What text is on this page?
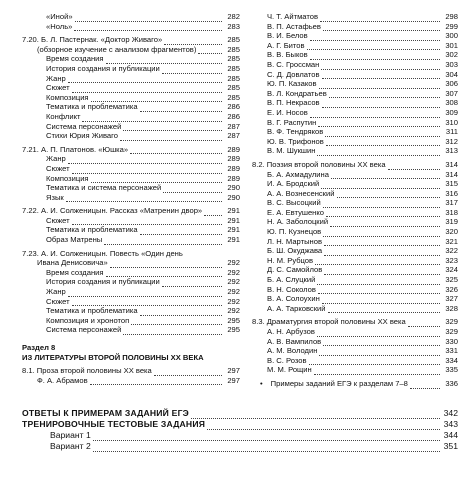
«Иной»	282
«Ноль»	283
7.20. Б. Л. Пастернак. «Доктор Живаго»	285
(обзорное изучение с анализом фрагментов)	285
Время создания	285
История создания и публикации	285
Жанр	285
Сюжет	285
Композиция	285
Тематика и проблематика	286
Конфликт	286
Система персонажей	287
Стихи Юрия Живаго	287
7.21. А. П. Платонов. «Юшка»	289
Жанр	289
Сюжет	289
Композиция	289
Тематика и система персонажей	290
Язык	290
7.22. А. И. Солженицын. Рассказ «Матренин двор»	291
Сюжет	291
Тематика и проблематика	291
Образ Матрены	291
7.23. А. И. Солженицын. Повесть «Один день
Ивана Денисовича»	292
Время создания	292
История создания и публикации	292
Жанр	292
Сюжет	292
Тематика и проблематика	292
Композиция и хронотоп	295
Система персонажей	295
Раздел 8
ИЗ ЛИТЕРАТУРЫ ВТОРОЙ ПОЛОВИНЫ XX ВЕКА
8.1. Проза второй половины XX века	297
Ф. А. Абрамов	297
Ч. Т. Айтматов	298
В. П. Астафьев	299
В. И. Белов	300
А. Г. Битов	301
В. В. Быков	302
В. С. Гроссман	303
С. Д. Довлатов	304
Ю. П. Казаков	306
В. Л. Кондратьев	307
В. П. Некрасов	308
Е. И. Носов	309
В. Г. Распутин	310
В. Ф. Тендряков	311
Ю. В. Трифонов	312
В. М. Шукшин	313
8.2. Поэзия второй половины XX века	314
Б. А. Ахмадулина	314
И. А. Бродский	315
А. А. Вознесенский	316
В. С. Высоцкий	317
Е. А. Евтушенко	318
Н. А. Заболоцкий	319
Ю. П. Кузнецов	320
Л. Н. Мартынов	321
Б. Ш. Окуджава	322
Н. М. Рубцов	323
Д. С. Самойлов	324
Б. А. Слуцкий	325
В. Н. Соколов	326
В. А. Солоухин	327
А. А. Тарковский	328
8.3. Драматургия второй половины XX века	329
А. Н. Арбузов	329
А. В. Вампилов	330
А. М. Володин	331
В. С. Розов	334
М. М. Рощин	335
• Примеры заданий ЕГЭ к разделам 7–8	336
ОТВЕТЫ К ПРИМЕРАМ ЗАДАНИЙ ЕГЭ	342
ТРЕНИРОВОЧНЫЕ ТЕСТОВЫЕ ЗАДАНИЯ	343
Вариант 1	344
Вариант 2	351
